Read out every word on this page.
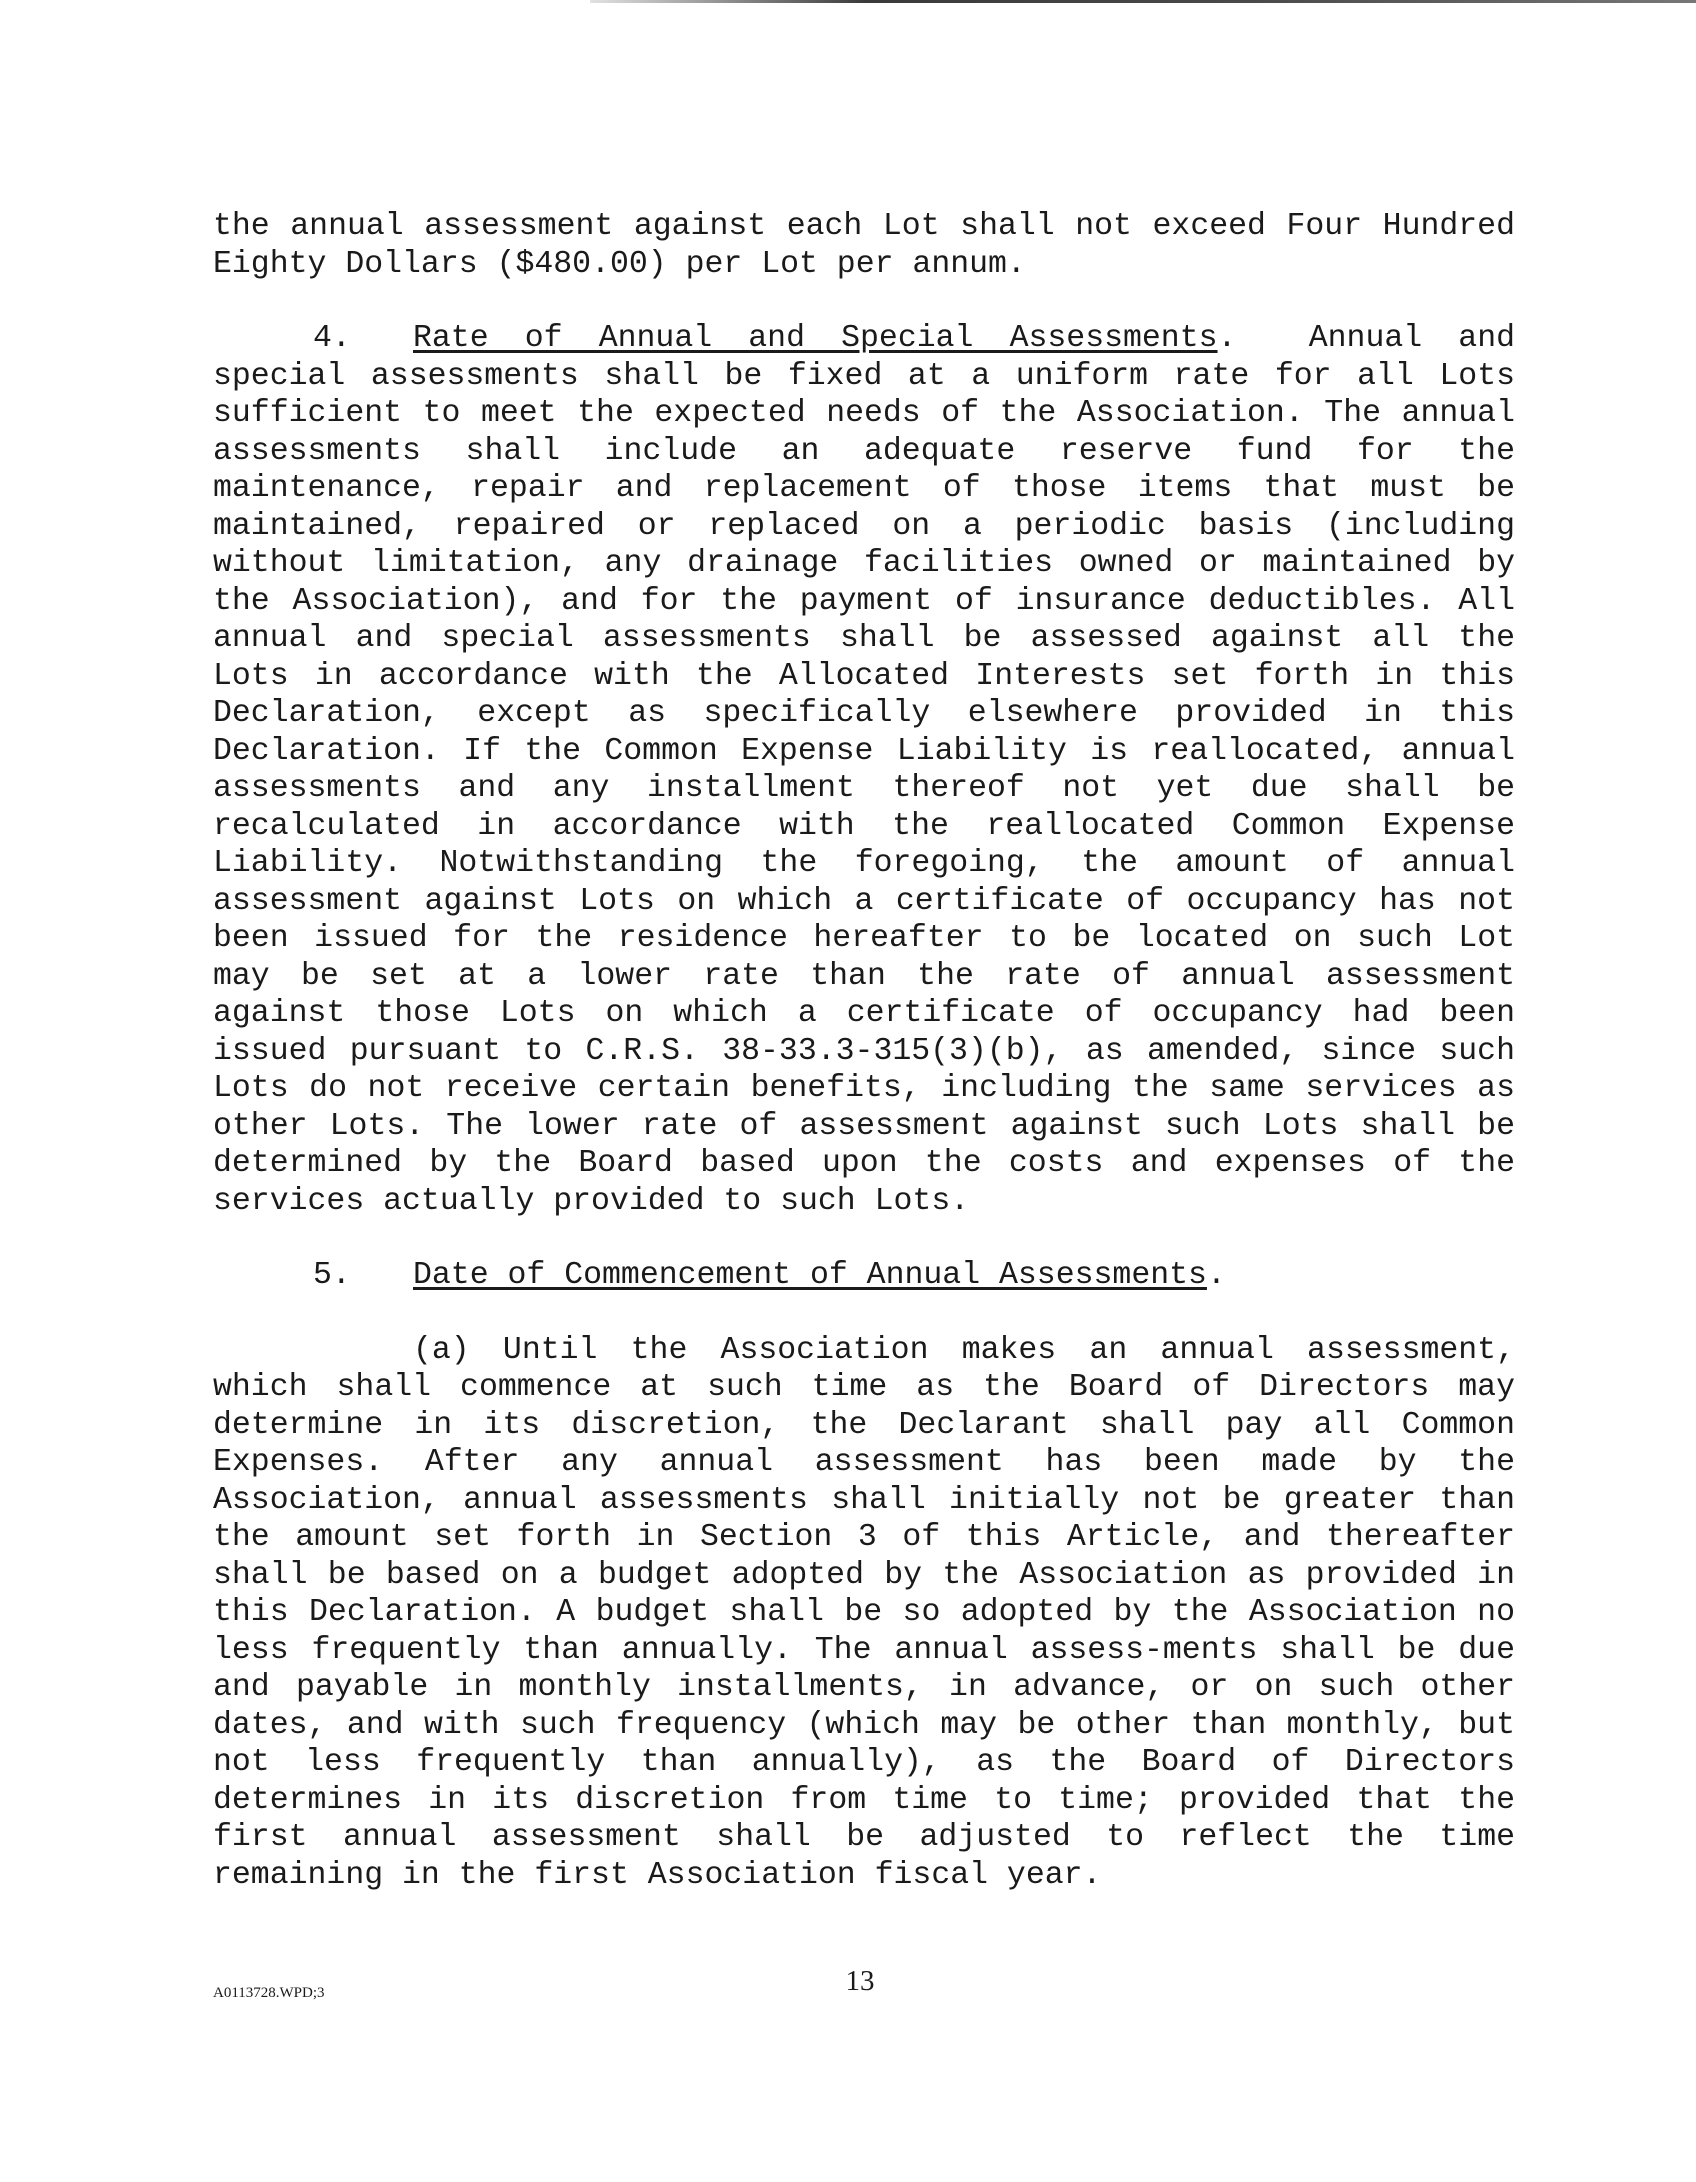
the annual assessment against each Lot shall not exceed Four Hundred Eighty Dollars ($480.00) per Lot per annum.

4. Rate of Annual and Special Assessments. Annual and special assessments shall be fixed at a uniform rate for all Lots sufficient to meet the expected needs of the Association. The annual assessments shall include an adequate reserve fund for the maintenance, repair and replacement of those items that must be maintained, repaired or replaced on a periodic basis (including without limitation, any drainage facilities owned or maintained by the Association), and for the payment of insurance deductibles. All annual and special assessments shall be assessed against all the Lots in accordance with the Allocated Interests set forth in this Declaration, except as specifically elsewhere provided in this Declaration. If the Common Expense Liability is reallocated, annual assessments and any installment thereof not yet due shall be recalculated in accordance with the reallocated Common Expense Liability. Notwithstanding the foregoing, the amount of annual assessment against Lots on which a certificate of occupancy has not been issued for the residence hereafter to be located on such Lot may be set at a lower rate than the rate of annual assessment against those Lots on which a certificate of occupancy had been issued pursuant to C.R.S. 38-33.3-315(3)(b), as amended, since such Lots do not receive certain benefits, including the same services as other Lots. The lower rate of assessment against such Lots shall be determined by the Board based upon the costs and expenses of the services actually provided to such Lots.

5. Date of Commencement of Annual Assessments.

(a) Until the Association makes an annual assessment, which shall commence at such time as the Board of Directors may determine in its discretion, the Declarant shall pay all Common Expenses. After any annual assessment has been made by the Association, annual assessments shall initially not be greater than the amount set forth in Section 3 of this Article, and thereafter shall be based on a budget adopted by the Association as provided in this Declaration. A budget shall be so adopted by the Association no less frequently than annually. The annual assess-ments shall be due and payable in monthly installments, in advance, or on such other dates, and with such frequency (which may be other than monthly, but not less frequently than annually), as the Board of Directors determines in its discretion from time to time; provided that the first annual assessment shall be adjusted to reflect the time remaining in the first Association fiscal year.

A0113728.WPD;3	13
